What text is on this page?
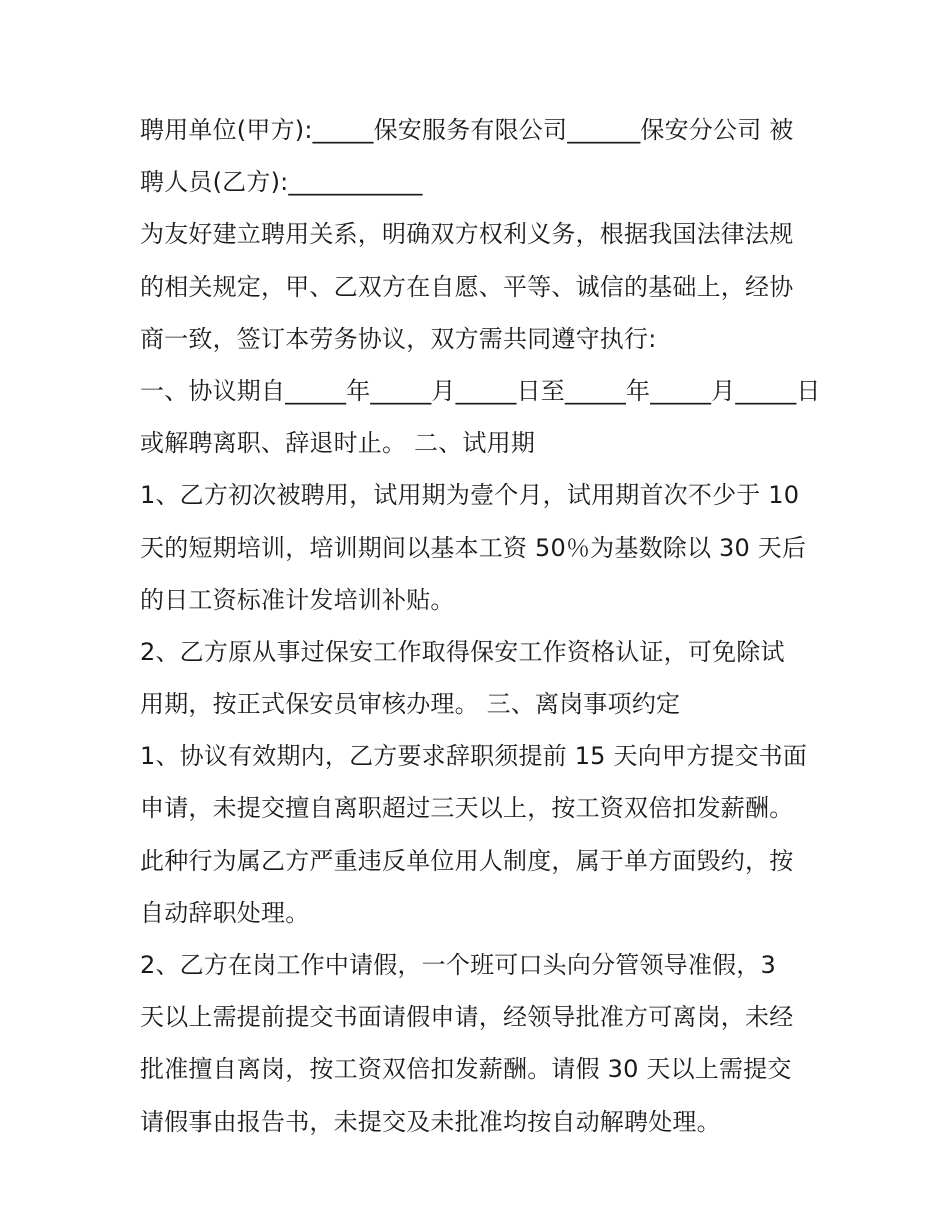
聘用单位(甲方):_____保安服务有限公司______保安分公司 被
聘人员(乙方):___________
为友好建立聘用关系，明确双方权利义务，根据我国法律法规
的相关规定，甲、乙双方在自愿、平等、诚信的基础上，经协
商一致，签订本劳务协议，双方需共同遵守执行:
一、协议期自_____年_____月_____日至_____年_____月_____日
或解聘离职、辞退时止。 二、试用期
1、乙方初次被聘用，试用期为壹个月，试用期首次不少于 10
天的短期培训，培训期间以基本工资 50％为基数除以 30 天后
的日工资标准计发培训补贴。
2、乙方原从事过保安工作取得保安工作资格认证，可免除试
用期，按正式保安员审核办理。 三、离岗事项约定
1、协议有效期内，乙方要求辞职须提前 15 天向甲方提交书面
申请，未提交擅自离职超过三天以上，按工资双倍扣发薪酬。
此种行为属乙方严重违反单位用人制度，属于单方面毁约，按
自动辞职处理。
2、乙方在岗工作中请假，一个班可口头向分管领导准假，3
天以上需提前提交书面请假申请，经领导批准方可离岗，未经
批准擅自离岗，按工资双倍扣发薪酬。请假 30 天以上需提交
请假事由报告书，未提交及未批准均按自动解聘处理。
